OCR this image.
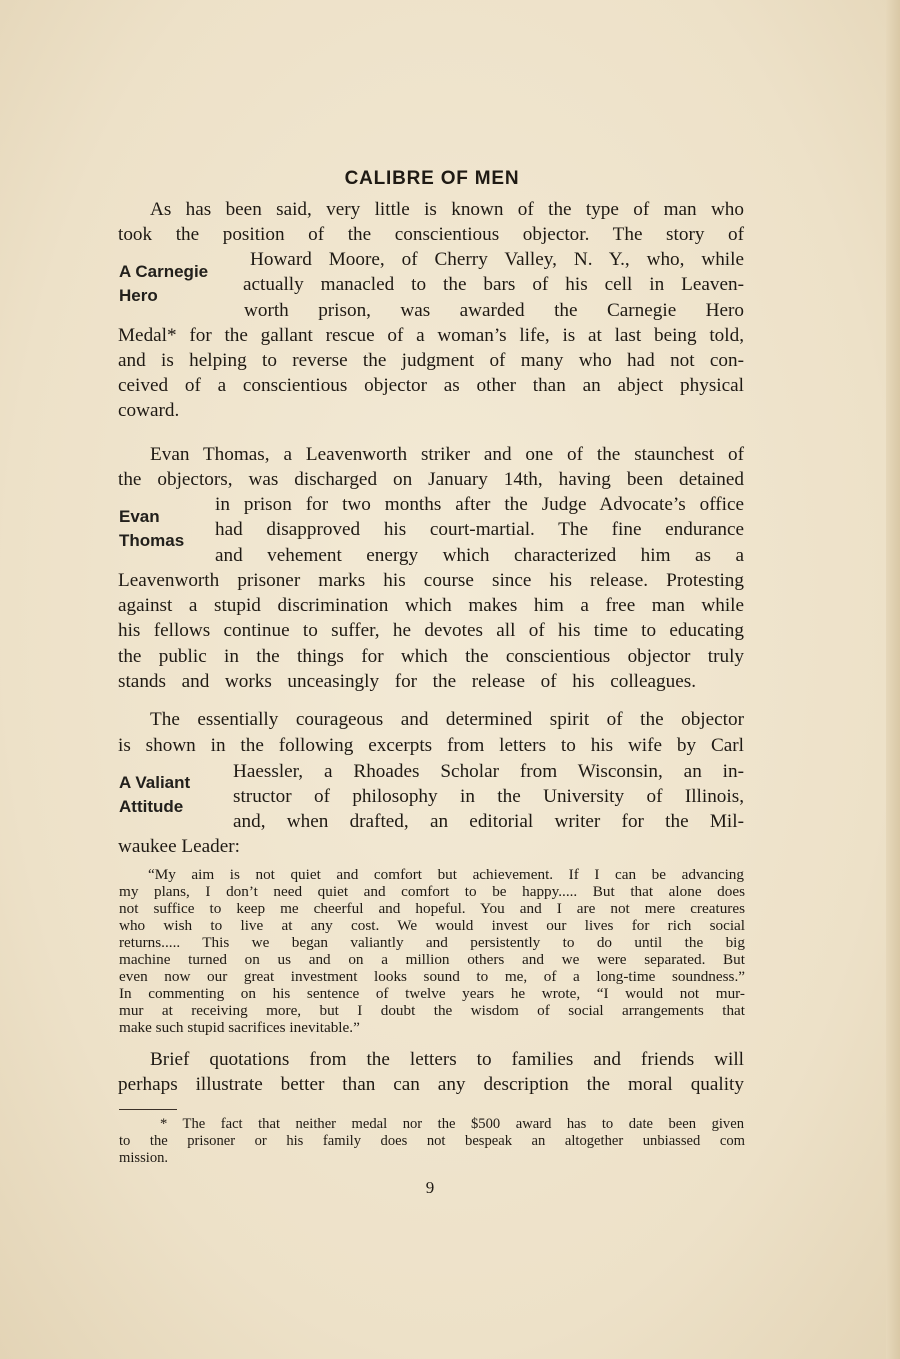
CALIBRE OF MEN
As has been said, very little is known of the type of man who
took the position of the conscientious objector. The story of
A Carnegie
Hero
Howard Moore, of Cherry Valley, N. Y., who, while
actually manacled to the bars of his cell in Leaven-
worth prison, was awarded the Carnegie Hero
Medal* for the gallant rescue of a woman’s life, is at last being told,
and is helping to reverse the judgment of many who had not con-
ceived of a conscientious objector as other than an abject physical
coward.
Evan Thomas, a Leavenworth striker and one of the staunchest of
the objectors, was discharged on January 14th, having been detained
Evan
Thomas
in prison for two months after the Judge Advocate’s office
had disapproved his court-martial. The fine endurance
and vehement energy which characterized him as a
Leavenworth prisoner marks his course since his release. Protesting
against a stupid discrimination which makes him a free man while
his fellows continue to suffer, he devotes all of his time to educating
the public in the things for which the conscientious objector truly
stands and works unceasingly for the release of his colleagues.
The essentially courageous and determined spirit of the objector
is shown in the following excerpts from letters to his wife by Carl
A Valiant
Attitude
Haessler, a Rhoades Scholar from Wisconsin, an in-
structor of philosophy in the University of Illinois,
and, when drafted, an editorial writer for the Mil-
waukee Leader:
“My aim is not quiet and comfort but achievement. If I can be advancing
my plans, I don’t need quiet and comfort to be happy..... But that alone does
not suffice to keep me cheerful and hopeful. You and I are not mere creatures
who wish to live at any cost. We would invest our lives for rich social
returns..... This we began valiantly and persistently to do until the big
machine turned on us and on a million others and we were separated. But
even now our great investment looks sound to me, of a long-time soundness.”
In commenting on his sentence of twelve years he wrote, “I would not mur-
mur at receiving more, but I doubt the wisdom of social arrangements that
make such stupid sacrifices inevitable.”
Brief quotations from the letters to families and friends will
perhaps illustrate better than can any description the moral quality
* The fact that neither medal nor the $500 award has to date been given
to the prisoner or his family does not bespeak an altogether unbiassed com
mission.
9
